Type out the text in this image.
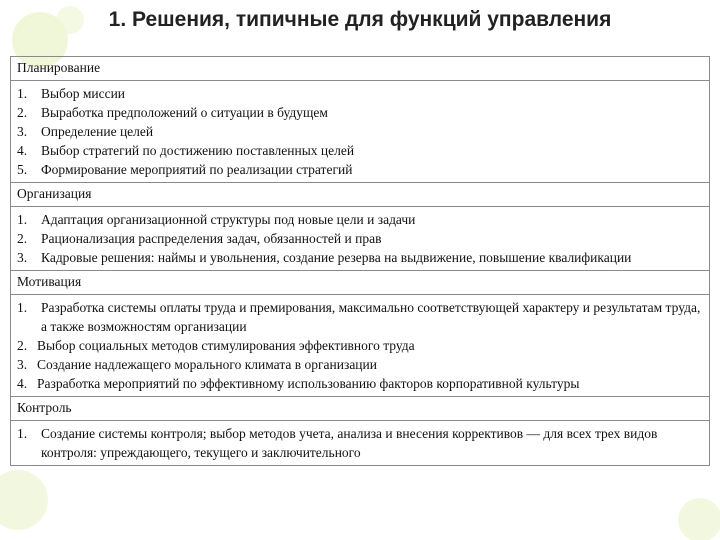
1. Решения, типичные для функций управления
Планирование
1.	Выбор миссии
2.	Выработка предположений о ситуации в будущем
3.	Определение целей
4.	Выбор стратегий по достижению поставленных целей
5.	Формирование мероприятий по реализации стратегий
Организация
1.	Адаптация организационной структуры под новые цели и задачи
2.	Рационализация распределения задач, обязанностей и прав
3.	Кадровые решения: наймы и увольнения, создание резерва на выдвижение, повышение квалификации
Мотивация
1.	Разработка системы оплаты труда и премирования, максимально соответствующей характеру и результатам труда, а также возможностям организации
2. Выбор социальных методов стимулирования эффективного труда
3. Создание надлежащего морального климата в организации
4. Разработка мероприятий по эффективному использованию факторов корпоративной культуры
Контроль
1.	Создание системы контроля; выбор методов учета, анализа и внесения коррективов — для всех трех видов контроля: упреждающего, текущего и заключительного
